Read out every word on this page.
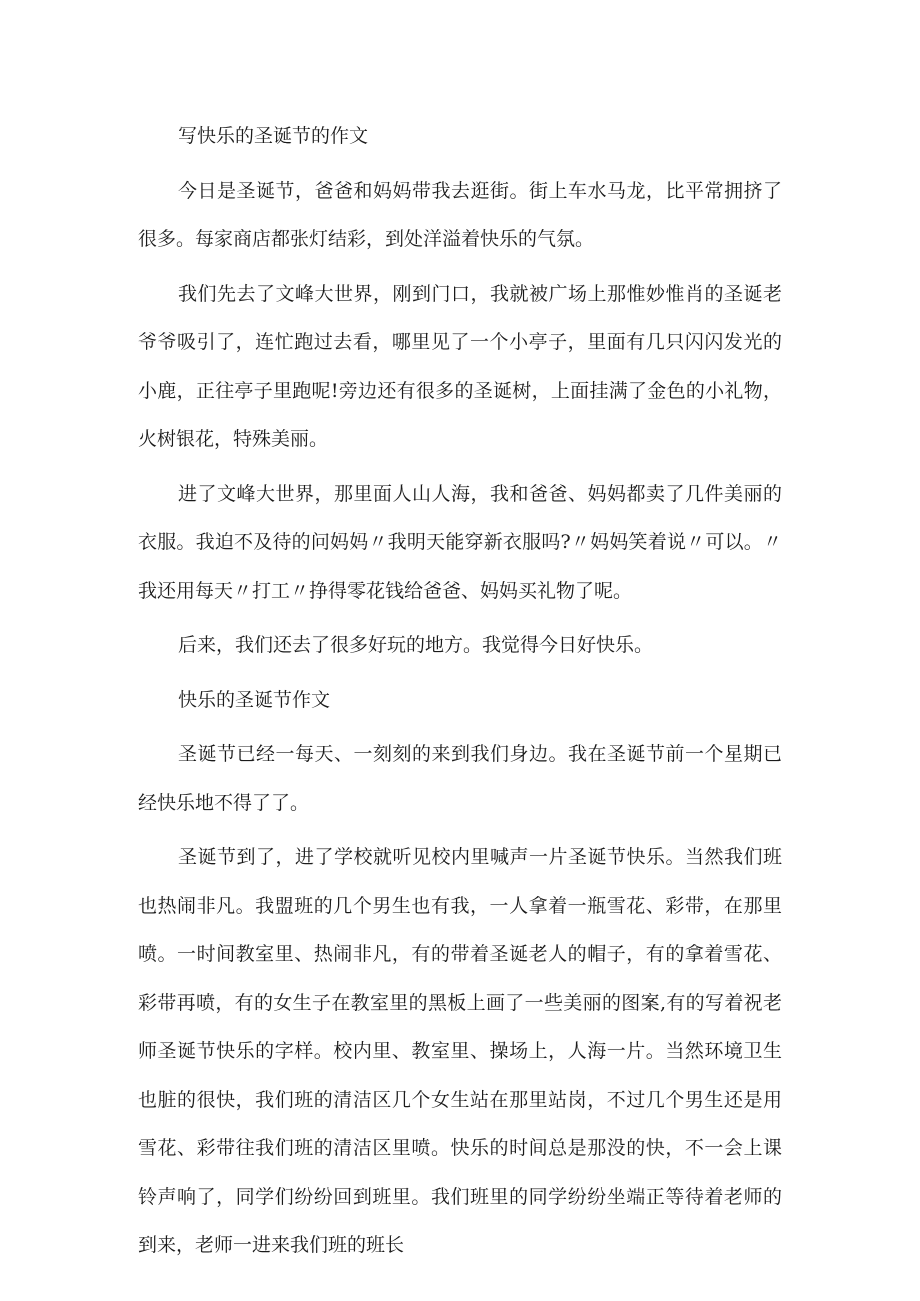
写快乐的圣诞节的作文

今日是圣诞节，爸爸和妈妈带我去逛街。街上车水马龙，比平常拥挤了很多。每家商店都张灯结彩，到处洋溢着快乐的气氛。

我们先去了文峰大世界，刚到门口，我就被广场上那惟妙惟肖的圣诞老爷爷吸引了，连忙跑过去看，哪里见了一个小亭子，里面有几只闪闪发光的小鹿，正往亭子里跑呢!旁边还有很多的圣诞树，上面挂满了金色的小礼物，火树银花，特殊美丽。

进了文峰大世界，那里面人山人海，我和爸爸、妈妈都卖了几件美丽的衣服。我迫不及待的问妈妈〃我明天能穿新衣服吗?〃妈妈笑着说〃可以。〃我还用每天〃打工〃挣得零花钱给爸爸、妈妈买礼物了呢。

后来，我们还去了很多好玩的地方。我觉得今日好快乐。

快乐的圣诞节作文

圣诞节已经一每天、一刻刻的来到我们身边。我在圣诞节前一个星期已经快乐地不得了了。

圣诞节到了，进了学校就听见校内里喊声一片圣诞节快乐。当然我们班也热闹非凡。我盟班的几个男生也有我，一人拿着一瓶雪花、彩带，在那里喷。一时间教室里、热闹非凡，有的带着圣诞老人的帽子，有的拿着雪花、彩带再喷，有的女生子在教室里的黑板上画了一些美丽的图案,有的写着祝老师圣诞节快乐的字样。校内里、教室里、操场上，人海一片。当然环境卫生也脏的很快，我们班的清洁区几个女生站在那里站岗，不过几个男生还是用雪花、彩带往我们班的清洁区里喷。快乐的时间总是那没的快，不一会上课铃声响了，同学们纷纷回到班里。我们班里的同学纷纷坐端正等待着老师的到来，老师一进来我们班的班长
